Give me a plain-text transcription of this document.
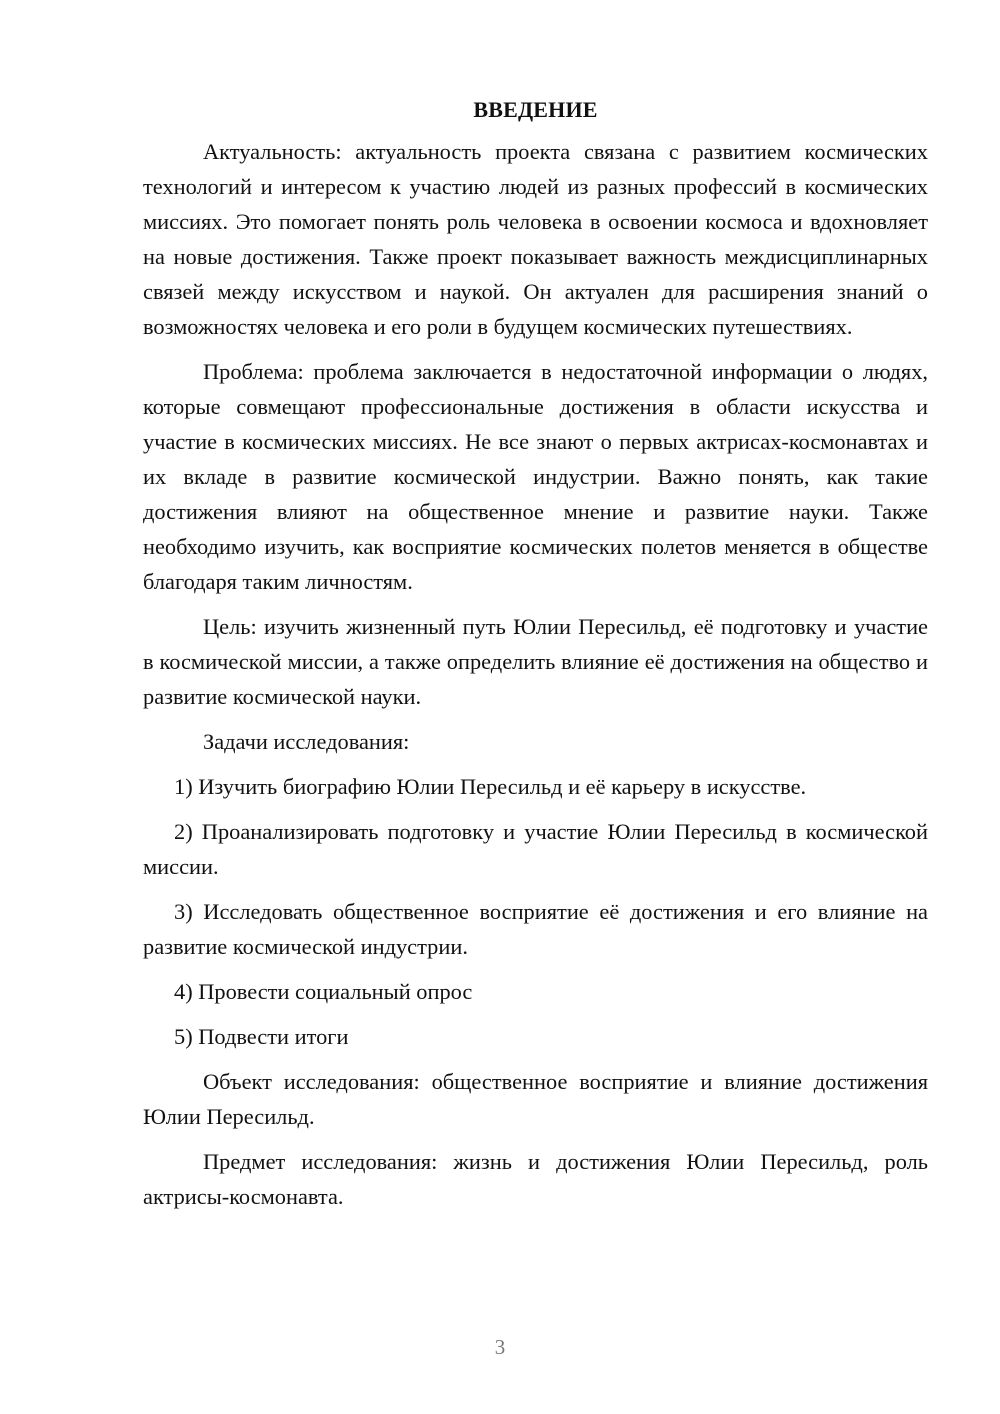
ВВЕДЕНИЕ

Актуальность: актуальность проекта связана с развитием космических технологий и интересом к участию людей из разных профессий в космических миссиях. Это помогает понять роль человека в освоении космоса и вдохновляет на новые достижения. Также проект показывает важность междисциплинарных связей между искусством и наукой. Он актуален для расширения знаний о возможностях человека и его роли в будущем космических путешествиях.

Проблема: проблема заключается в недостаточной информации о людях, которые совмещают профессиональные достижения в области искусства и участие в космических миссиях. Не все знают о первых актрисах-космонавтах и их вкладе в развитие космической индустрии. Важно понять, как такие достижения влияют на общественное мнение и развитие науки. Также необходимо изучить, как восприятие космических полетов меняется в обществе благодаря таким личностям.

Цель: изучить жизненный путь Юлии Пересильд, её подготовку и участие в космической миссии, а также определить влияние её достижения на общество и развитие космической науки.

Задачи исследования:

1) Изучить биографию Юлии Пересильд и её карьеру в искусстве.

2) Проанализировать подготовку и участие Юлии Пересильд в космической миссии.

3) Исследовать общественное восприятие её достижения и его влияние на развитие космической индустрии.

4) Провести социальный опрос

5) Подвести итоги

Объект исследования: общественное восприятие и влияние достижения Юлии Пересильд.

Предмет исследования: жизнь и достижения Юлии Пересильд, роль актрисы-космонавта.

3
